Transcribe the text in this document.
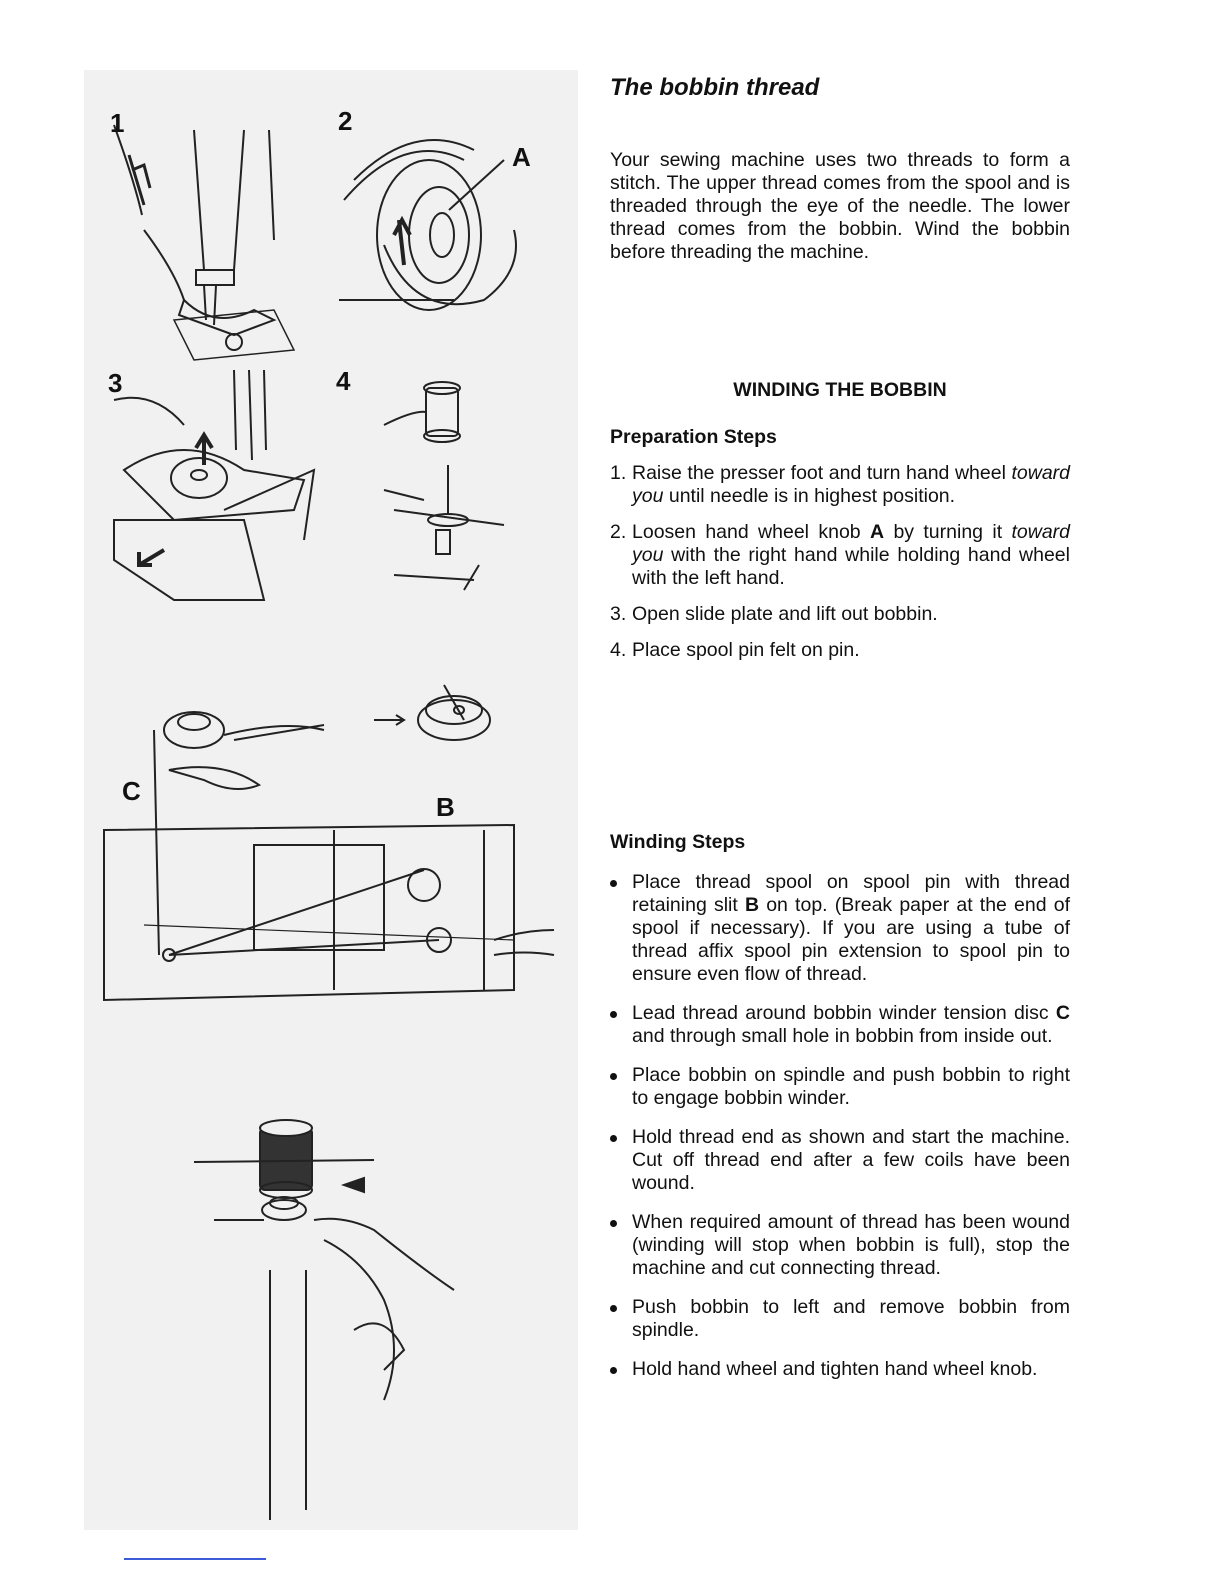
1	2
A
3	4
B
C
The bobbin thread

Your sewing machine uses two threads to form a stitch. The upper thread comes from the spool and is threaded through the eye of the needle. The lower thread comes from the bobbin. Wind the bobbin before threading the machine.

WINDING THE BOBBIN
Preparation Steps
1. Raise the presser foot and turn hand wheel toward you until needle is in highest position.
2. Loosen hand wheel knob A by turning it toward you with the right hand while holding hand wheel with the left hand.
3. Open slide plate and lift out bobbin.
4. Place spool pin felt on pin.
Winding Steps
Place thread spool on spool pin with thread retaining slit B on top. (Break paper at the end of spool if necessary). If you are using a tube of thread affix spool pin extension to spool pin to ensure even flow of thread.
Lead thread around bobbin winder tension disc C and through small hole in bobbin from inside out.
Place bobbin on spindle and push bobbin to right to engage bobbin winder.
Hold thread end as shown and start the machine. Cut off thread end after a few coils have been wound.
When required amount of thread has been wound (winding will stop when bobbin is full), stop the machine and cut connecting thread.
Push bobbin to left and remove bobbin from spindle.
Hold hand wheel and tighten hand wheel knob.
